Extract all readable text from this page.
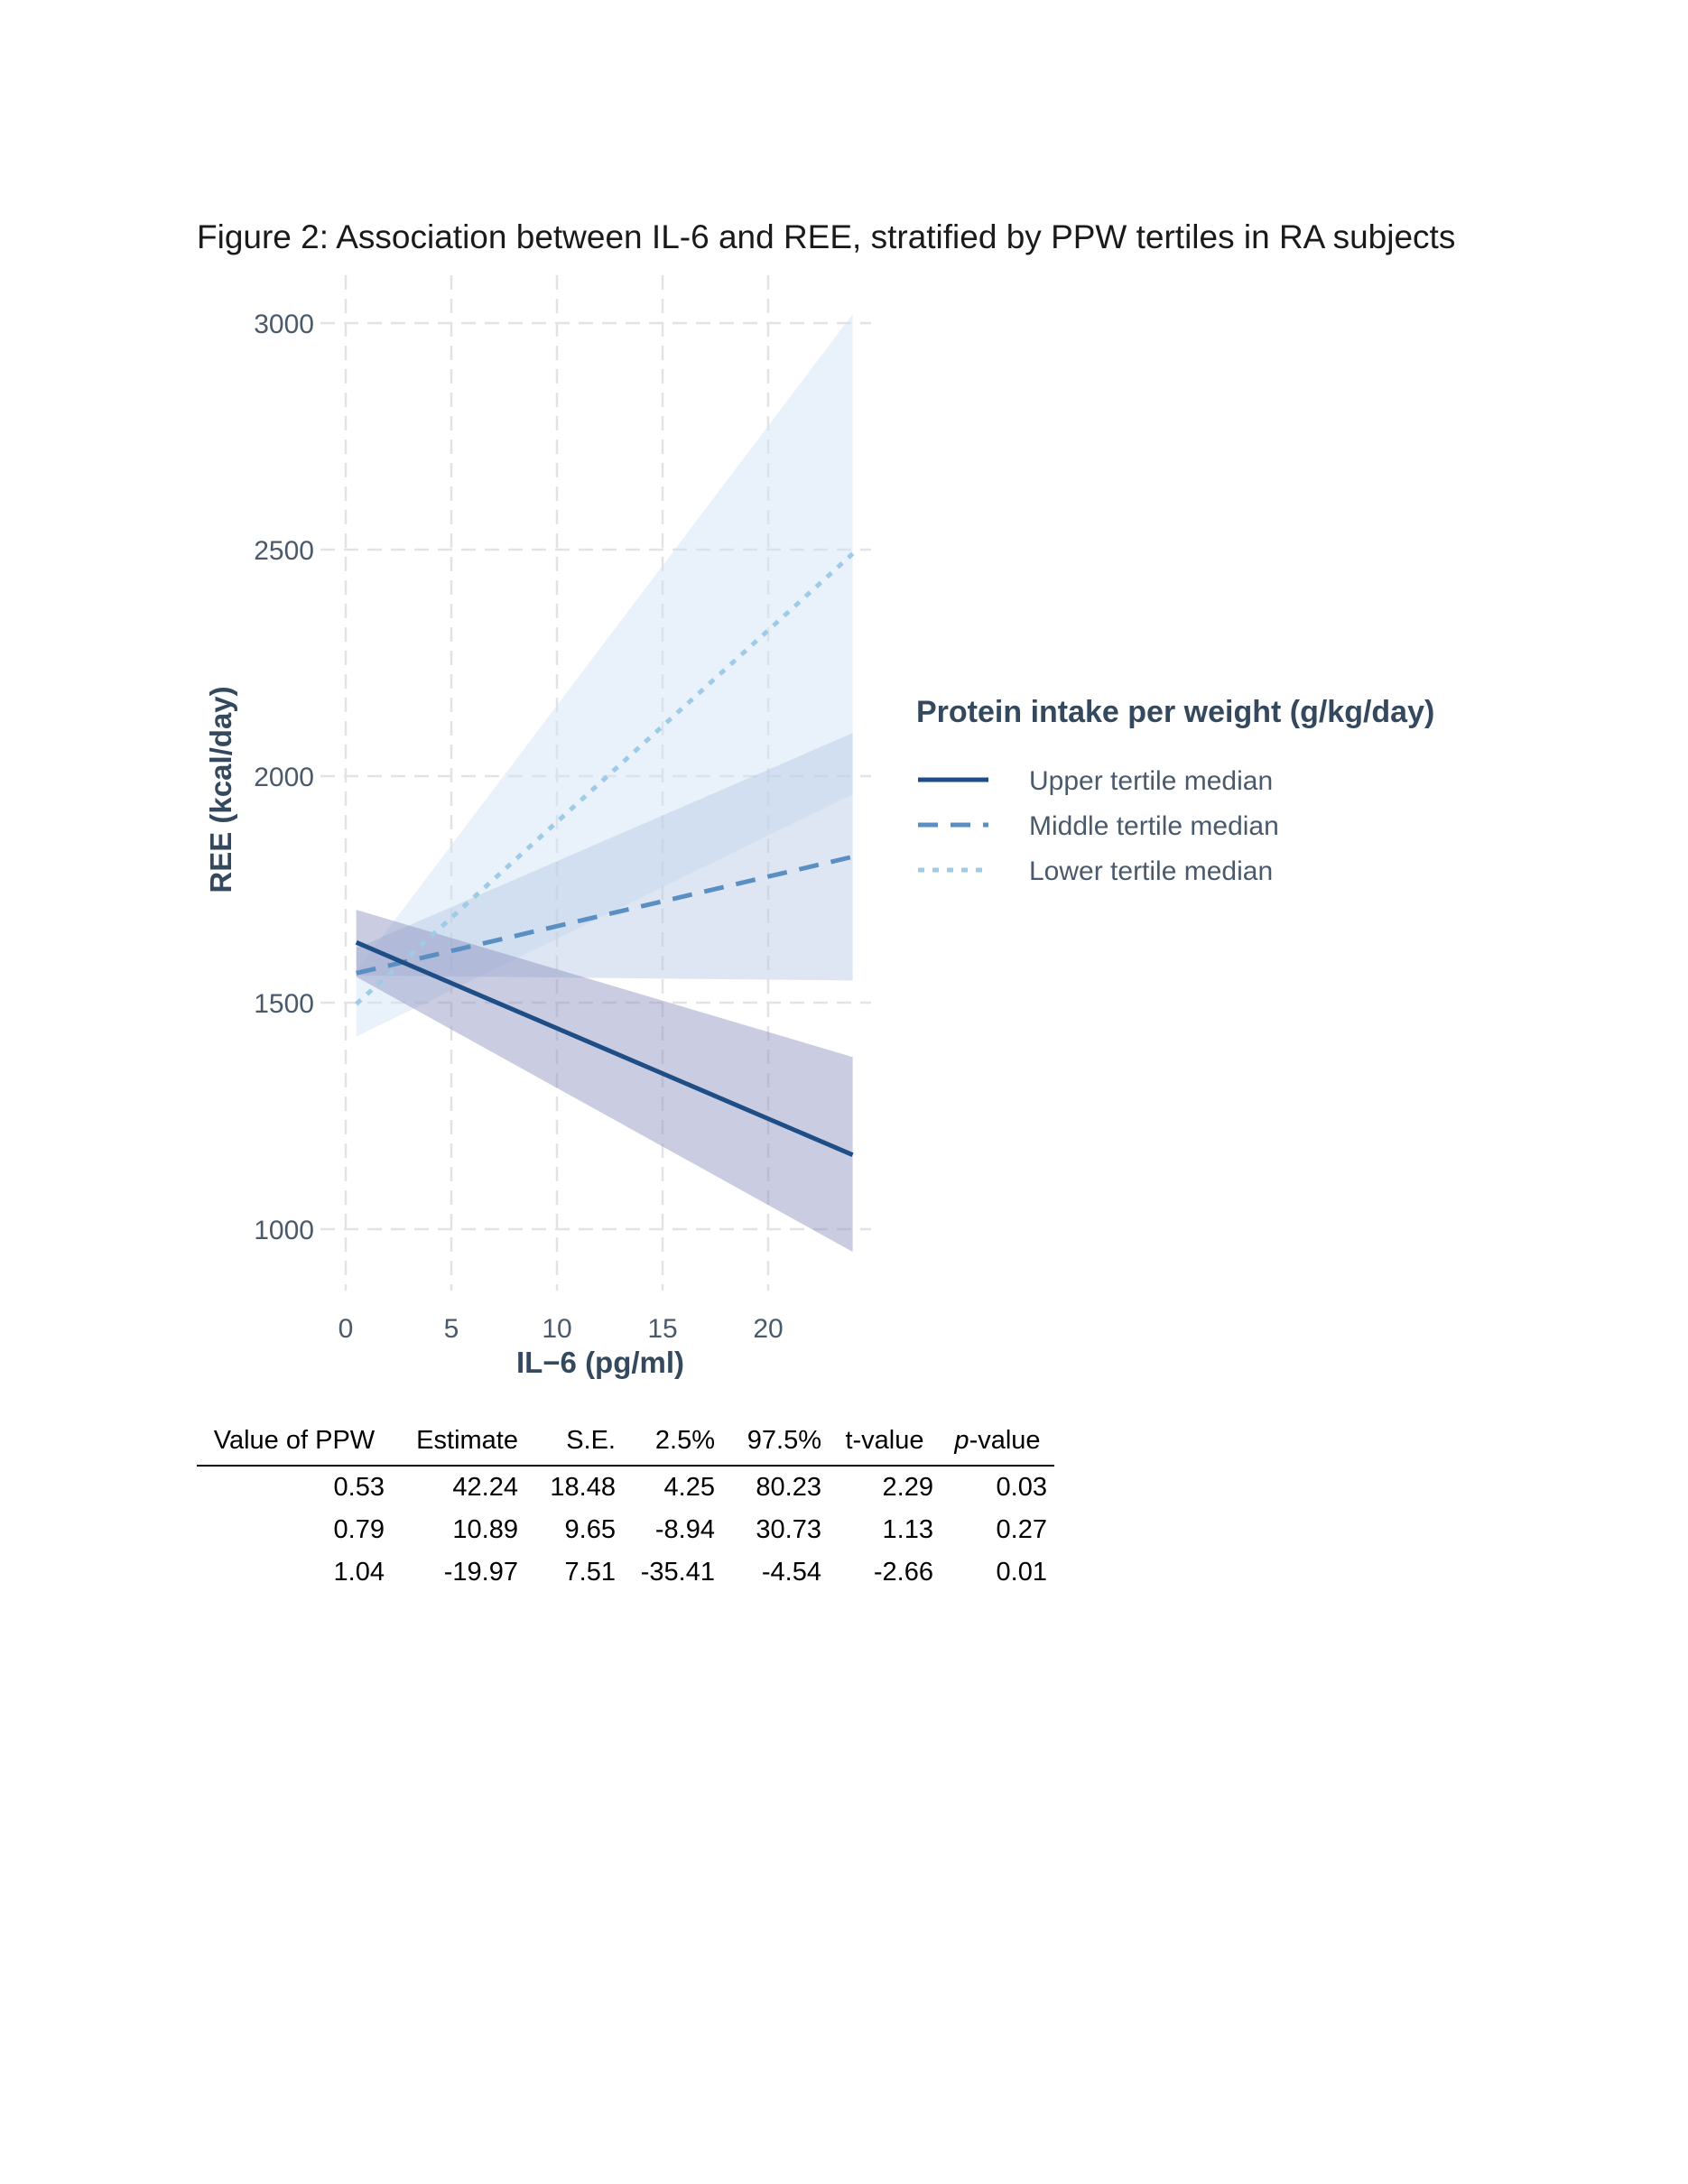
Figure 2: Association between IL-6 and REE, stratified by PPW tertiles in RA subjects
1000
1500
2000
2500
3000
0	5	10	15	20
IL−6 (pg/ml)
REE (kcal/day)	Protein intake per weight (g/kg/day)
Upper tertile median
Middle tertile median
Lower tertile median
Value of PPW	Estimate	S.E.	2.5%	97.5%	t-value	p-value
0.53	42.24	18.48	4.25	80.23	2.29	0.03
0.79	10.89	9.65	-8.94	30.73	1.13	0.27
1.04	-19.97	7.51	-35.41	-4.54	-2.66	0.01
